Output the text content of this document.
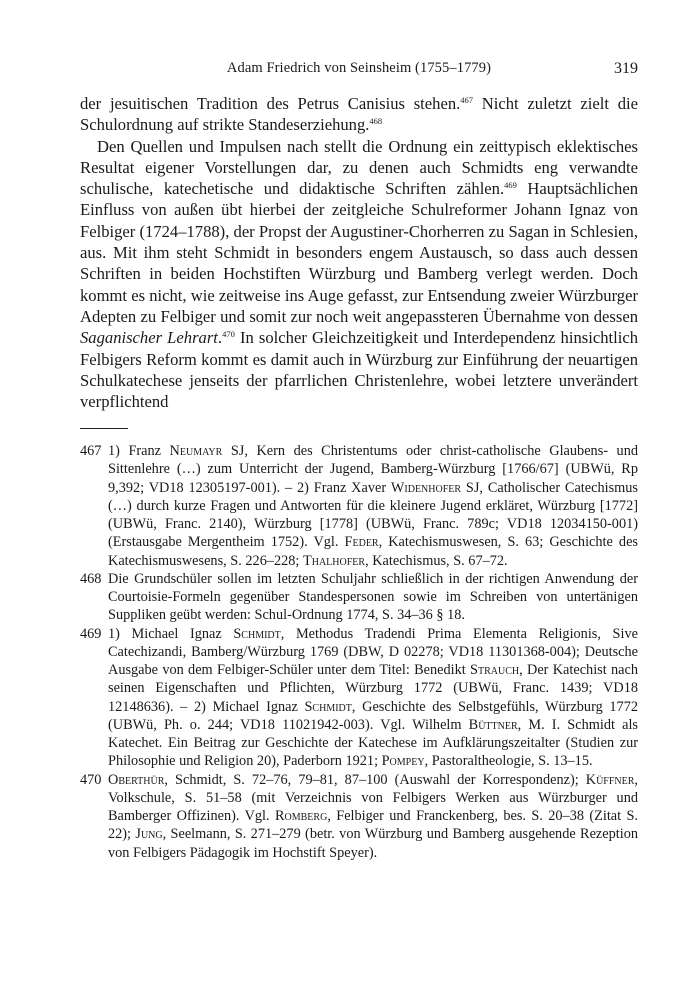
Adam Friedrich von Seinsheim (1755–1779)	319

der jesuitischen Tradition des Petrus Canisius stehen.$^{467}$ Nicht zuletzt zielt die Schulordnung auf strikte Standeserziehung.$^{468}$

Den Quellen und Impulsen nach stellt die Ordnung ein zeittypisch eklektisches Resultat eigener Vorstellungen dar, zu denen auch Schmidts eng verwandte schulische, katechetische und didaktische Schriften zählen.$^{469}$ Hauptsächlichen Einfluss von außen übt hierbei der zeitgleiche Schulreformer Johann Ignaz von Felbiger (1724–1788), der Propst der Augustiner-Chorherren zu Sagan in Schlesien, aus. Mit ihm steht Schmidt in besonders engem Austausch, so dass auch dessen Schriften in beiden Hochstiften Würzburg und Bamberg verlegt werden. Doch kommt es nicht, wie zeitweise ins Auge gefasst, zur Entsendung zweier Würzburger Adepten zu Felbiger und somit zur noch weit angepassteren Übernahme von dessen Saganischer Lehrart.$^{470}$ In solcher Gleichzeitigkeit und Interdependenz hinsichtlich Felbigers Reform kommt es damit auch in Würzburg zur Einführung der neuartigen Schulkatechese jenseits der pfarrlichen Christenlehre, wobei letztere unverändert verpflichtend

467 1) Franz Neumayr SJ, Kern des Christentums oder christ-catholische Glaubens- und Sittenlehre (…) zum Unterricht der Jugend, Bamberg-Würzburg [1766/67] (UBWü, Rp 9,392; VD18 12305197-001). – 2) Franz Xaver Widenhofer SJ, Catholischer Catechismus (…) durch kurze Fragen und Antworten für die kleinere Jugend erkläret, Würzburg [1772] (UBWü, Franc. 2140), Würzburg [1778] (UBWü, Franc. 789c; VD18 12034150-001) (Erstausgabe Mergentheim 1752). Vgl. Feder, Katechismuswesen, S. 63; Geschichte des Katechismuswesens, S. 226–228; Thalhofer, Katechismus, S. 67–72.
468 Die Grundschüler sollen im letzten Schuljahr schließlich in der richtigen Anwendung der Courtoisie-Formeln gegenüber Standespersonen sowie im Schreiben von untertänigen Suppliken geübt werden: Schul-Ordnung 1774, S. 34–36 § 18.
469 1) Michael Ignaz Schmidt, Methodus Tradendi Prima Elementa Religionis, Sive Catechizandi, Bamberg/Würzburg 1769 (DBW, D 02278; VD18 11301368-004); Deutsche Ausgabe von dem Felbiger-Schüler unter dem Titel: Benedikt Strauch, Der Katechist nach seinen Eigenschaften und Pflichten, Würzburg 1772 (UBWü, Franc. 1439; VD18 12148636). – 2) Michael Ignaz Schmidt, Geschichte des Selbstgefühls, Würzburg 1772 (UBWü, Ph. o. 244; VD18 11021942-003). Vgl. Wilhelm Büttner, M. I. Schmidt als Katechet. Ein Beitrag zur Geschichte der Katechese im Aufklärungszeitalter (Studien zur Philosophie und Religion 20), Paderborn 1921; Pompey, Pastoraltheologie, S. 13–15.
470 Oberthür, Schmidt, S. 72–76, 79–81, 87–100 (Auswahl der Korrespondenz); Küffner, Volkschule, S. 51–58 (mit Verzeichnis von Felbigers Werken aus Würzburger und Bamberger Offizinen). Vgl. Romberg, Felbiger und Franckenberg, bes. S. 20–38 (Zitat S. 22); Jung, Seelmann, S. 271–279 (betr. von Würzburg und Bamberg ausgehende Rezeption von Felbigers Pädagogik im Hochstift Speyer).
